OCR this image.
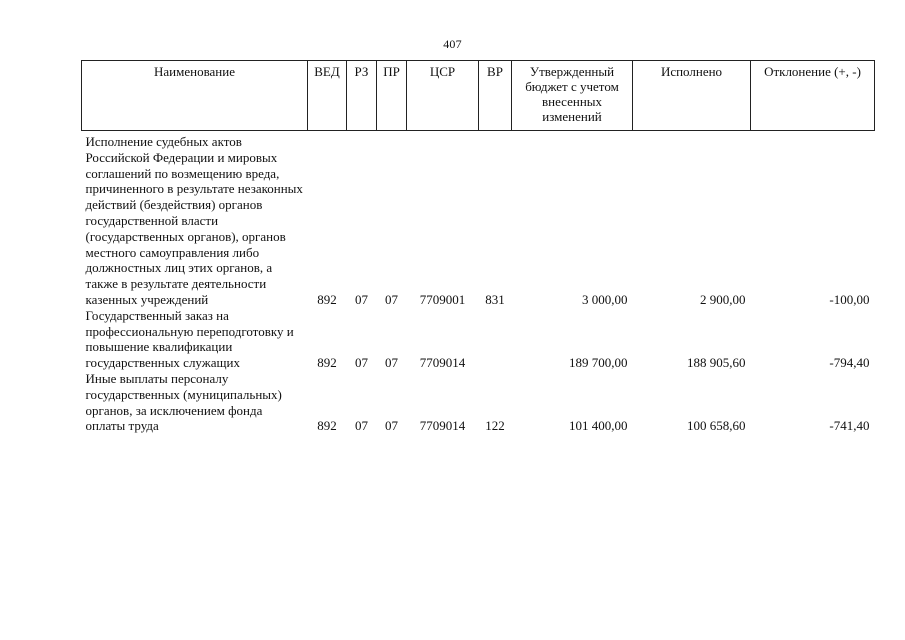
407
Наименование	ВЕД	РЗ	ПР	ЦСР	ВР	Утвержденный бюджет с учетом внесенных изменений	Исполнено	Отклонение (+, -)
Исполнение судебных актов Российской Федерации и мировых соглашений по возмещению вреда, причиненного в результате незаконных действий (бездействия) органов государственной власти (государственных органов), органов местного самоуправления либо должностных лиц этих органов, а также в результате деятельности казенных учреждений	892	07	07	7709001	831	3 000,00	2 900,00	-100,00
Государственный заказ на профессиональную переподготовку и повышение квалификации государственных служащих	892	07	07	7709014		189 700,00	188 905,60	-794,40
Иные выплаты персоналу государственных (муниципальных) органов, за исключением фонда оплаты труда	892	07	07	7709014	122	101 400,00	100 658,60	-741,40
